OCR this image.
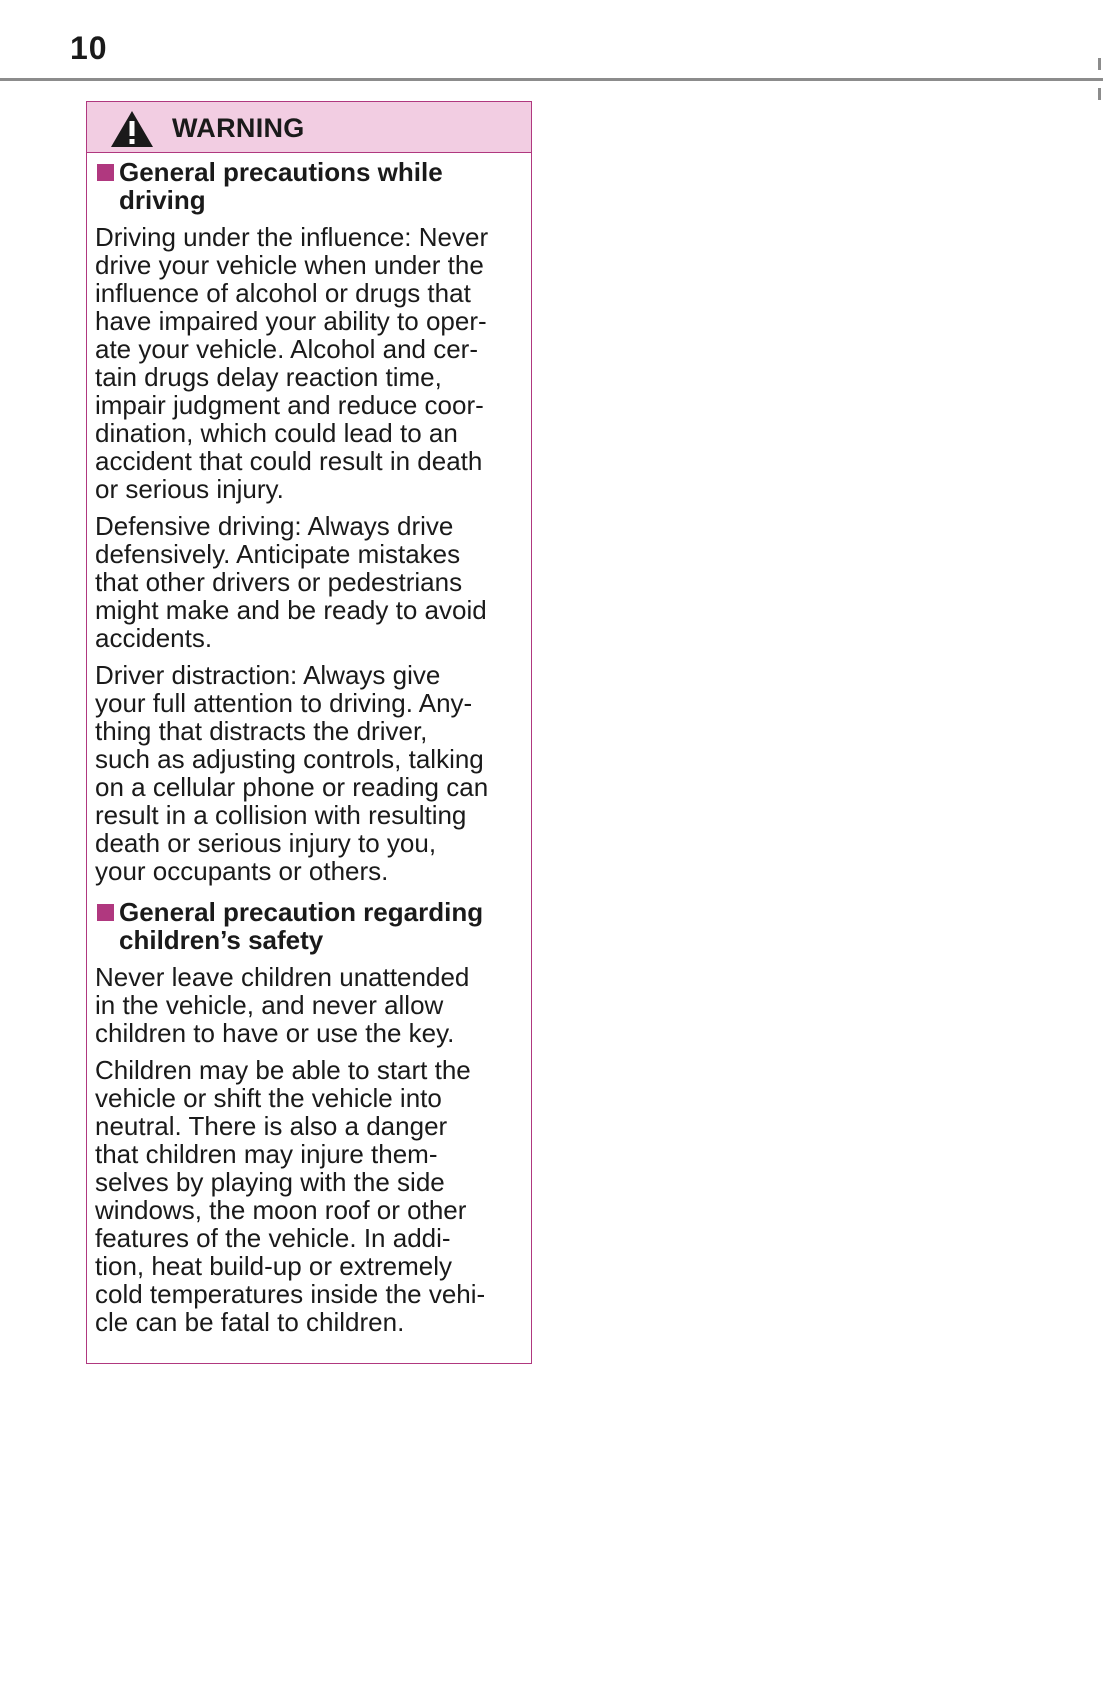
10
WARNING
General precautions while
driving
Driving under the influence: Never
drive your vehicle when under the
influence of alcohol or drugs that
have impaired your ability to oper-
ate your vehicle. Alcohol and cer-
tain drugs delay reaction time,
impair judgment and reduce coor-
dination, which could lead to an
accident that could result in death
or serious injury.
Defensive driving: Always drive
defensively. Anticipate mistakes
that other drivers or pedestrians
might make and be ready to avoid
accidents.
Driver distraction: Always give
your full attention to driving. Any-
thing that distracts the driver,
such as adjusting controls, talking
on a cellular phone or reading can
result in a collision with resulting
death or serious injury to you,
your occupants or others.
General precaution regarding
children’s safety
Never leave children unattended
in the vehicle, and never allow
children to have or use the key.
Children may be able to start the
vehicle or shift the vehicle into
neutral. There is also a danger
that children may injure them-
selves by playing with the side
windows, the moon roof or other
features of the vehicle. In addi-
tion, heat build-up or extremely
cold temperatures inside the vehi-
cle can be fatal to children.
